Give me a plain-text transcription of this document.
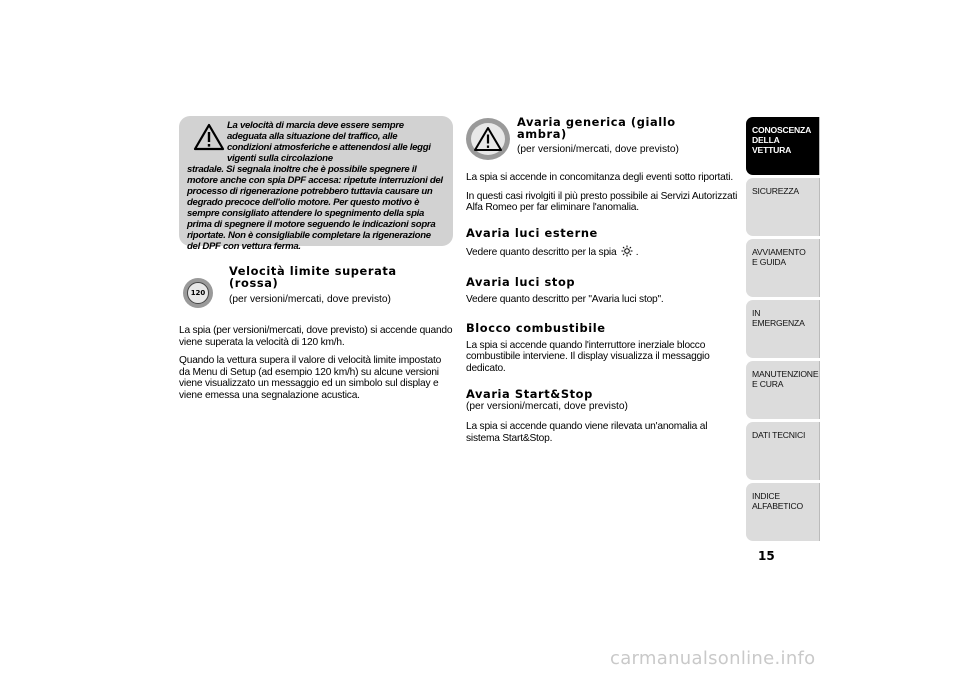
La velocità di marcia deve essere sempre adeguata alla situazione del traffico, alle condizioni atmosferiche e attenendosi alle leggi vigenti sulla circolazione
stradale. Si segnala inoltre che è possibile spegnere il motore anche con spia DPF accesa: ripetute interruzioni del processo di rigenerazione potrebbero tuttavia causare un degrado precoce dell'olio motore. Per questo motivo è sempre consigliato attendere lo spegnimento della spia prima di spegnere il motore seguendo le indicazioni sopra riportate. Non è consigliabile completare la rigenerazione del DPF con vettura ferma.
120

Velocità limite superata (rossa)

(per versioni/mercati, dove previsto)

La spia (per versioni/mercati, dove previsto) si accende quando viene superata la velocità di 120 km/h.

Quando la vettura supera il valore di velocità limite impostato da Menu di Setup (ad esempio 120 km/h) su alcune versioni viene visualizzato un messaggio ed un simbolo sul display e viene emessa una segnalazione acustica.

Avaria generica (giallo ambra)

(per versioni/mercati, dove previsto)

La spia si accende in concomitanza degli eventi sotto riportati.

In questi casi rivolgiti il più presto possibile ai Servizi Autorizzati Alfa Romeo per far eliminare l'anomalia.

Avaria luci esterne

Vedere quanto descritto per la spia .

Avaria luci stop

Vedere quanto descritto per "Avaria luci stop".

Blocco combustibile

La spia si accende quando l'interruttore inerziale blocco combustibile interviene. Il display visualizza il messaggio dedicato.

Avaria Start&Stop

(per versioni/mercati, dove previsto)

La spia si accende quando viene rilevata un'anomalia al sistema Start&Stop.

CONOSCENZA DELLA VETTURA
SICUREZZA
AVVIAMENTO E GUIDA
IN EMERGENZA
MANUTENZIONE E CURA
DATI TECNICI
INDICE ALFABETICO
15
carmanualsonline.info
